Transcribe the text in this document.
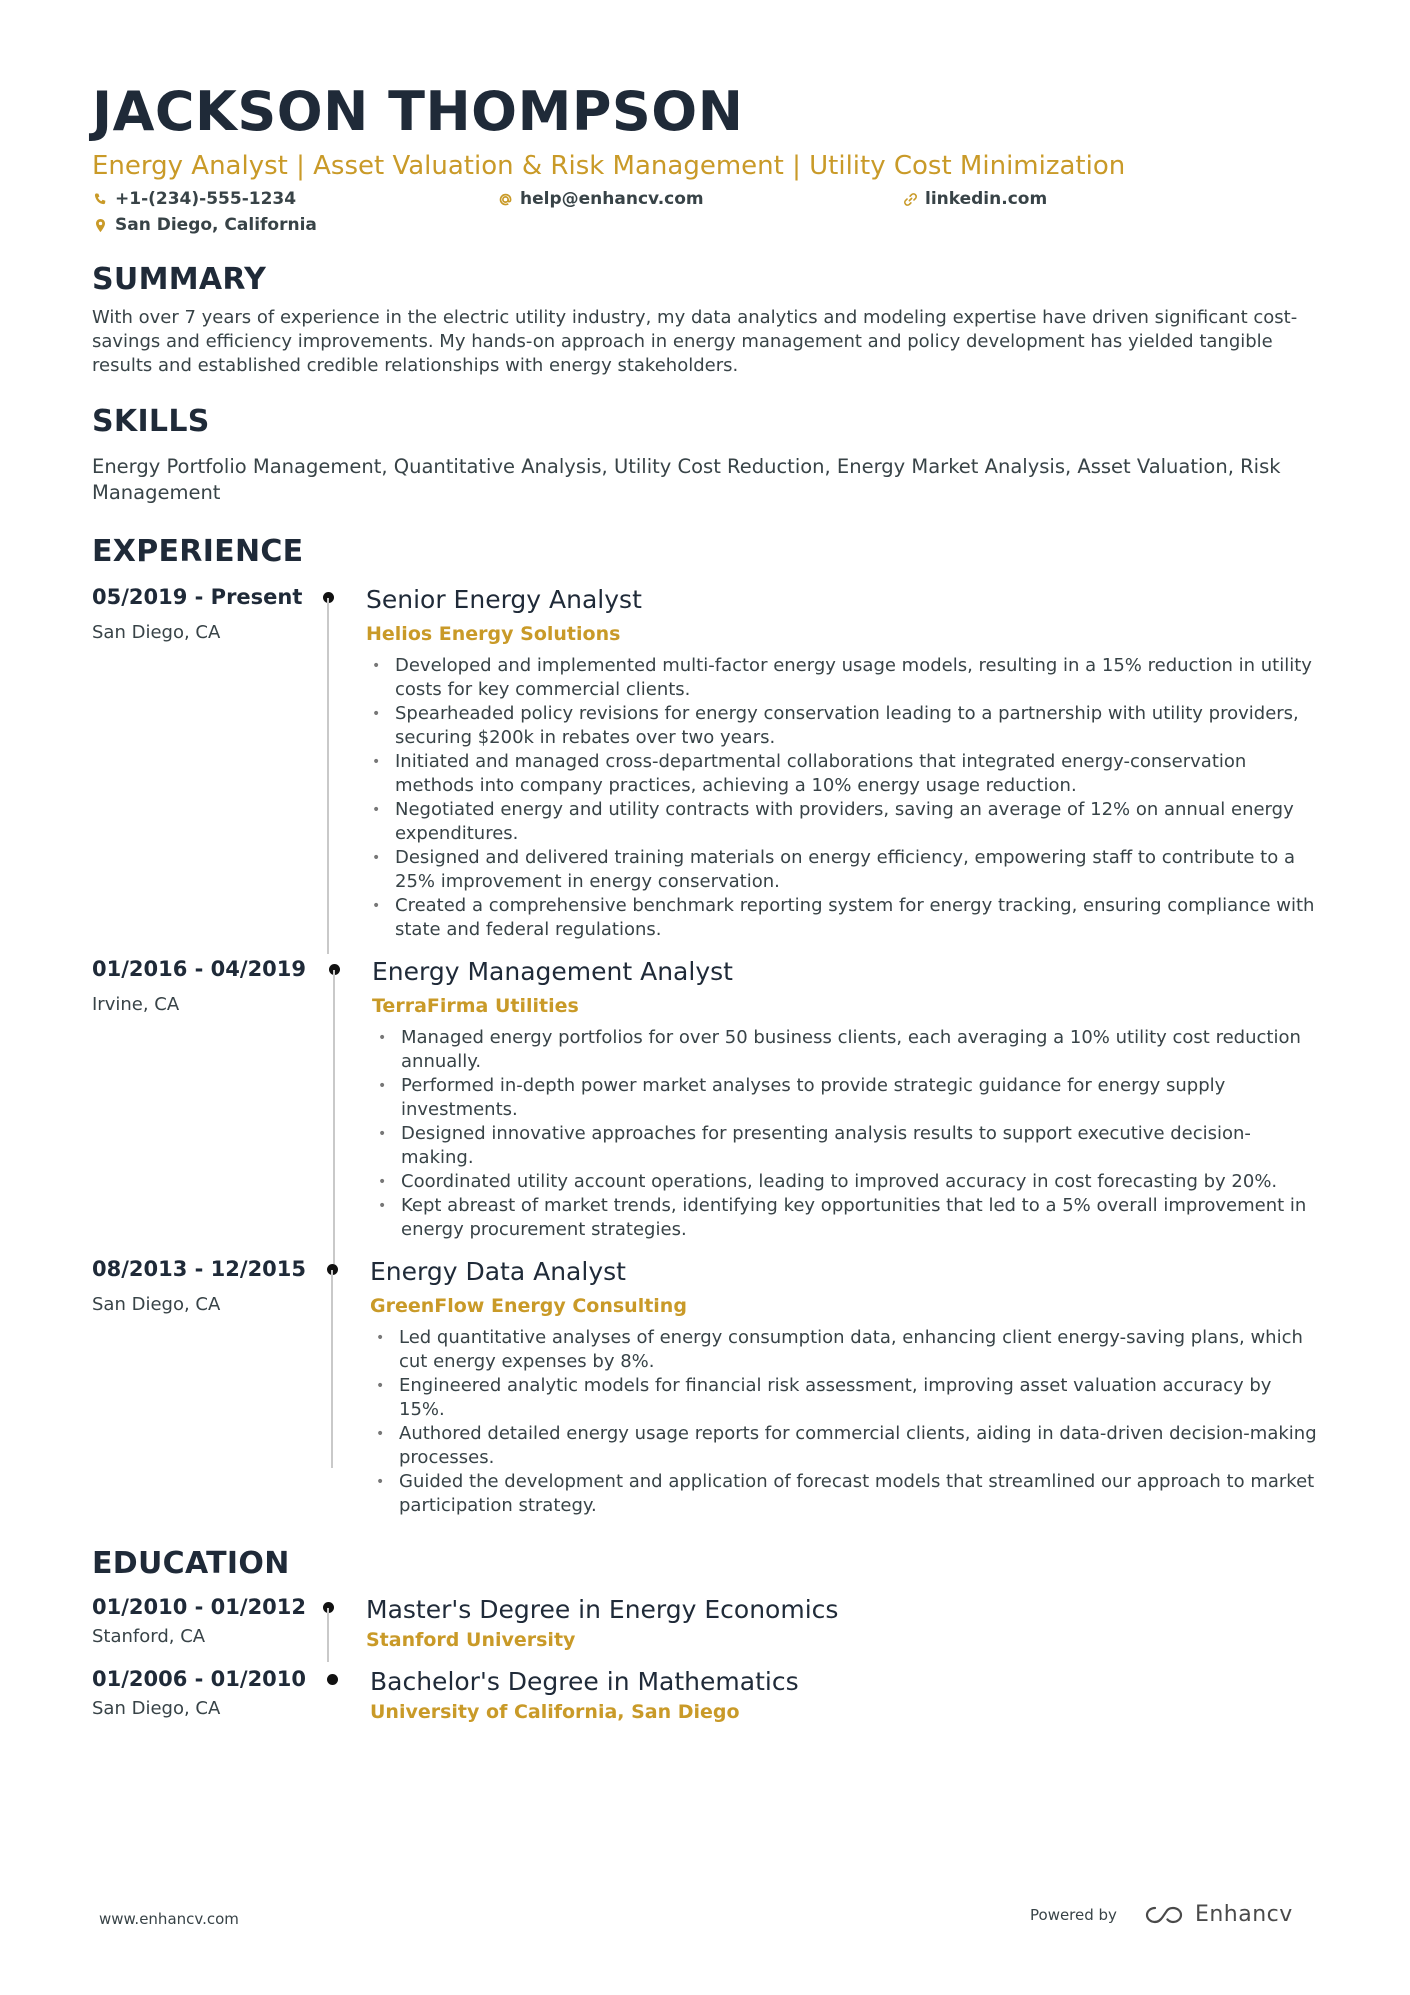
JACKSON THOMPSON
Energy Analyst | Asset Valuation & Risk Management | Utility Cost Minimization
+1-(234)-555-1234	help@enhancv.com	linkedin.com
San Diego, California
SUMMARY

With over 7 years of experience in the electric utility industry, my data analytics and modeling expertise have driven significant cost-savings and efficiency improvements. My hands-on approach in energy management and policy development has yielded tangible results and established credible relationships with energy stakeholders.

SKILLS

Energy Portfolio Management, Quantitative Analysis, Utility Cost Reduction, Energy Market Analysis, Asset Valuation, Risk Management

EXPERIENCE
05/2019 - Present
San Diego, CA
Senior Energy Analyst
Helios Energy Solutions
• Developed and implemented multi-factor energy usage models, resulting in a 15% reduction in utility costs for key commercial clients.
• Spearheaded policy revisions for energy conservation leading to a partnership with utility providers, securing $200k in rebates over two years.
• Initiated and managed cross-departmental collaborations that integrated energy-conservation methods into company practices, achieving a 10% energy usage reduction.
• Negotiated energy and utility contracts with providers, saving an average of 12% on annual energy expenditures.
• Designed and delivered training materials on energy efficiency, empowering staff to contribute to a 25% improvement in energy conservation.
• Created a comprehensive benchmark reporting system for energy tracking, ensuring compliance with state and federal regulations.
01/2016 - 04/2019
Irvine, CA
Energy Management Analyst
TerraFirma Utilities
• Managed energy portfolios for over 50 business clients, each averaging a 10% utility cost reduction annually.
• Performed in-depth power market analyses to provide strategic guidance for energy supply investments.
• Designed innovative approaches for presenting analysis results to support executive decision-making.
• Coordinated utility account operations, leading to improved accuracy in cost forecasting by 20%.
• Kept abreast of market trends, identifying key opportunities that led to a 5% overall improvement in energy procurement strategies.
08/2013 - 12/2015
San Diego, CA
Energy Data Analyst
GreenFlow Energy Consulting
• Led quantitative analyses of energy consumption data, enhancing client energy-saving plans, which cut energy expenses by 8%.
• Engineered analytic models for financial risk assessment, improving asset valuation accuracy by 15%.
• Authored detailed energy usage reports for commercial clients, aiding in data-driven decision-making processes.
• Guided the development and application of forecast models that streamlined our approach to market participation strategy.
EDUCATION
01/2010 - 01/2012
Stanford, CA
Master's Degree in Energy Economics
Stanford University
01/2006 - 01/2010
San Diego, CA
Bachelor's Degree in Mathematics
University of California, San Diego
www.enhancv.com	Powered by	Enhancv
